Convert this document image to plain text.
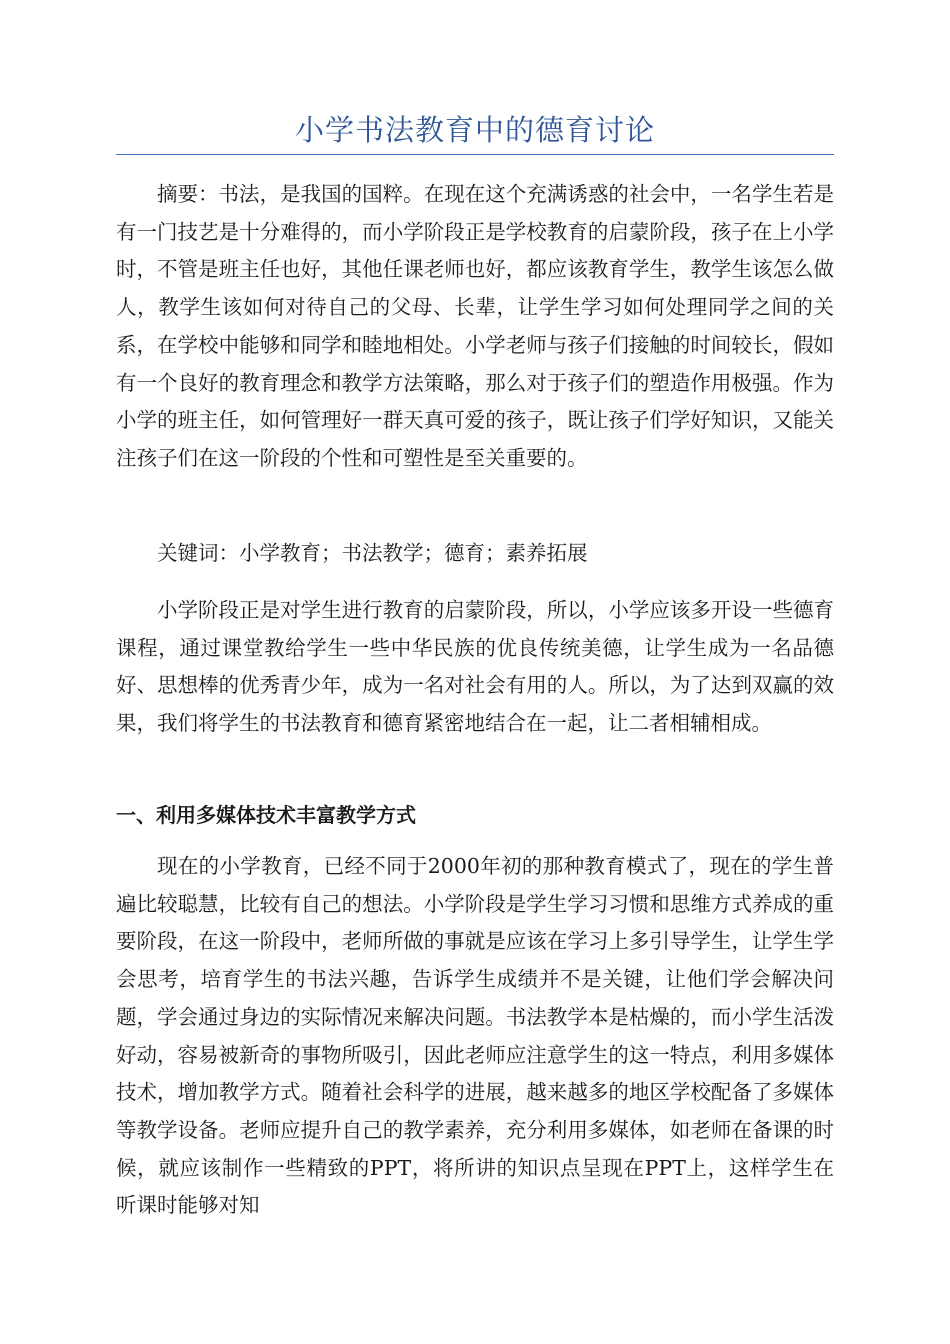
小学书法教育中的德育讨论

摘要：书法，是我国的国粹。在现在这个充满诱惑的社会中，一名学生若是有一门技艺是十分难得的，而小学阶段正是学校教育的启蒙阶段，孩子在上小学时，不管是班主任也好，其他任课老师也好，都应该教育学生，教学生该怎么做人，教学生该如何对待自己的父母、长辈，让学生学习如何处理同学之间的关系，在学校中能够和同学和睦地相处。小学老师与孩子们接触的时间较长，假如有一个良好的教育理念和教学方法策略，那么对于孩子们的塑造作用极强。作为小学的班主任，如何管理好一群天真可爱的孩子，既让孩子们学好知识，又能关注孩子们在这一阶段的个性和可塑性是至关重要的。

关键词：小学教育；书法教学；德育；素养拓展

小学阶段正是对学生进行教育的启蒙阶段，所以，小学应该多开设一些德育课程，通过课堂教给学生一些中华民族的优良传统美德，让学生成为一名品德好、思想棒的优秀青少年，成为一名对社会有用的人。所以，为了达到双赢的效果，我们将学生的书法教育和德育紧密地结合在一起，让二者相辅相成。

一、利用多媒体技术丰富教学方式

现在的小学教育，已经不同于2000年初的那种教育模式了，现在的学生普遍比较聪慧，比较有自己的想法。小学阶段是学生学习习惯和思维方式养成的重要阶段，在这一阶段中，老师所做的事就是应该在学习上多引导学生，让学生学会思考，培育学生的书法兴趣，告诉学生成绩并不是关键，让他们学会解决问题，学会通过身边的实际情况来解决问题。书法教学本是枯燥的，而小学生活泼好动，容易被新奇的事物所吸引，因此老师应注意学生的这一特点，利用多媒体技术，增加教学方式。随着社会科学的进展，越来越多的地区学校配备了多媒体等教学设备。老师应提升自己的教学素养，充分利用多媒体，如老师在备课的时候，就应该制作一些精致的PPT，将所讲的知识点呈现在PPT上，这样学生在听课时能够对知
